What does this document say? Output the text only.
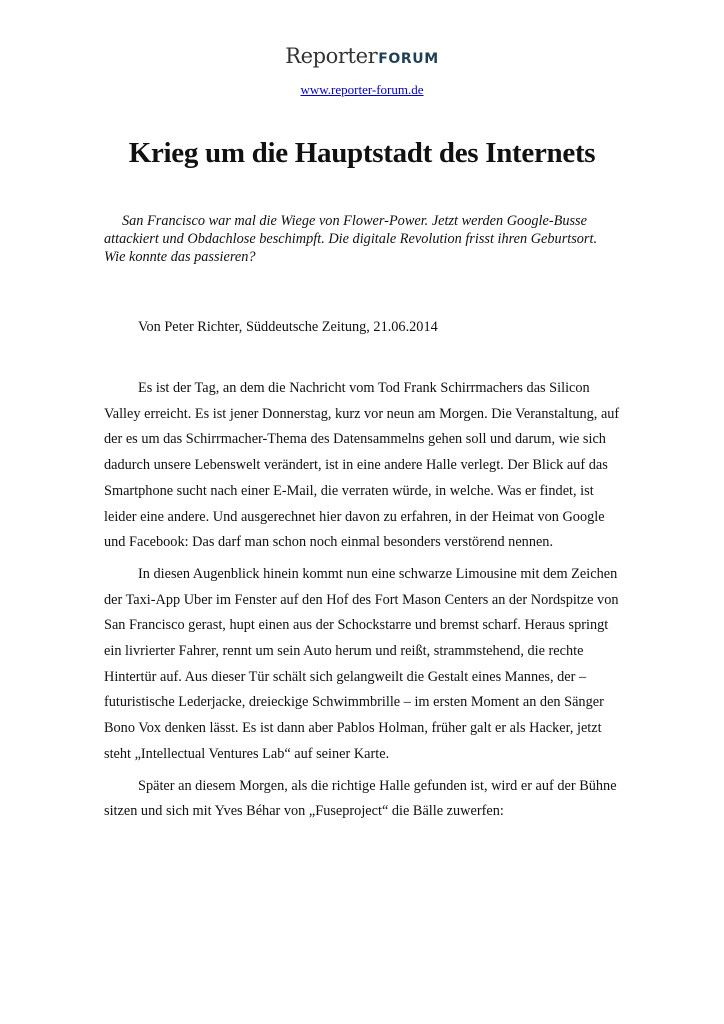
ReporterFORUM
www.reporter-forum.de
Krieg um die Hauptstadt des Internets

San Francisco war mal die Wiege von Flower-Power. Jetzt werden Google-Busse attackiert und Obdachlose beschimpft. Die digitale Revolution frisst ihren Geburtsort. Wie konnte das passieren?

Von Peter Richter, Süddeutsche Zeitung, 21.06.2014

Es ist der Tag, an dem die Nachricht vom Tod Frank Schirrmachers das Silicon Valley erreicht. Es ist jener Donnerstag, kurz vor neun am Morgen. Die Veranstaltung, auf der es um das Schirrmacher-Thema des Datensammelns gehen soll und darum, wie sich dadurch unsere Lebenswelt verändert, ist in eine andere Halle verlegt. Der Blick auf das Smartphone sucht nach einer E-Mail, die verraten würde, in welche. Was er findet, ist leider eine andere. Und ausgerechnet hier davon zu erfahren, in der Heimat von Google und Facebook: Das darf man schon noch einmal besonders verstörend nennen.

In diesen Augenblick hinein kommt nun eine schwarze Limousine mit dem Zeichen der Taxi-App Uber im Fenster auf den Hof des Fort Mason Centers an der Nordspitze von San Francisco gerast, hupt einen aus der Schockstarre und bremst scharf. Heraus springt ein livrierter Fahrer, rennt um sein Auto herum und reißt, strammstehend, die rechte Hintertür auf. Aus dieser Tür schält sich gelangweilt die Gestalt eines Mannes, der – futuristische Lederjacke, dreieckige Schwimmbrille – im ersten Moment an den Sänger Bono Vox denken lässt. Es ist dann aber Pablos Holman, früher galt er als Hacker, jetzt steht „Intellectual Ventures Lab“ auf seiner Karte.

Später an diesem Morgen, als die richtige Halle gefunden ist, wird er auf der Bühne sitzen und sich mit Yves Béhar von „Fuseproject“ die Bälle zuwerfen:
